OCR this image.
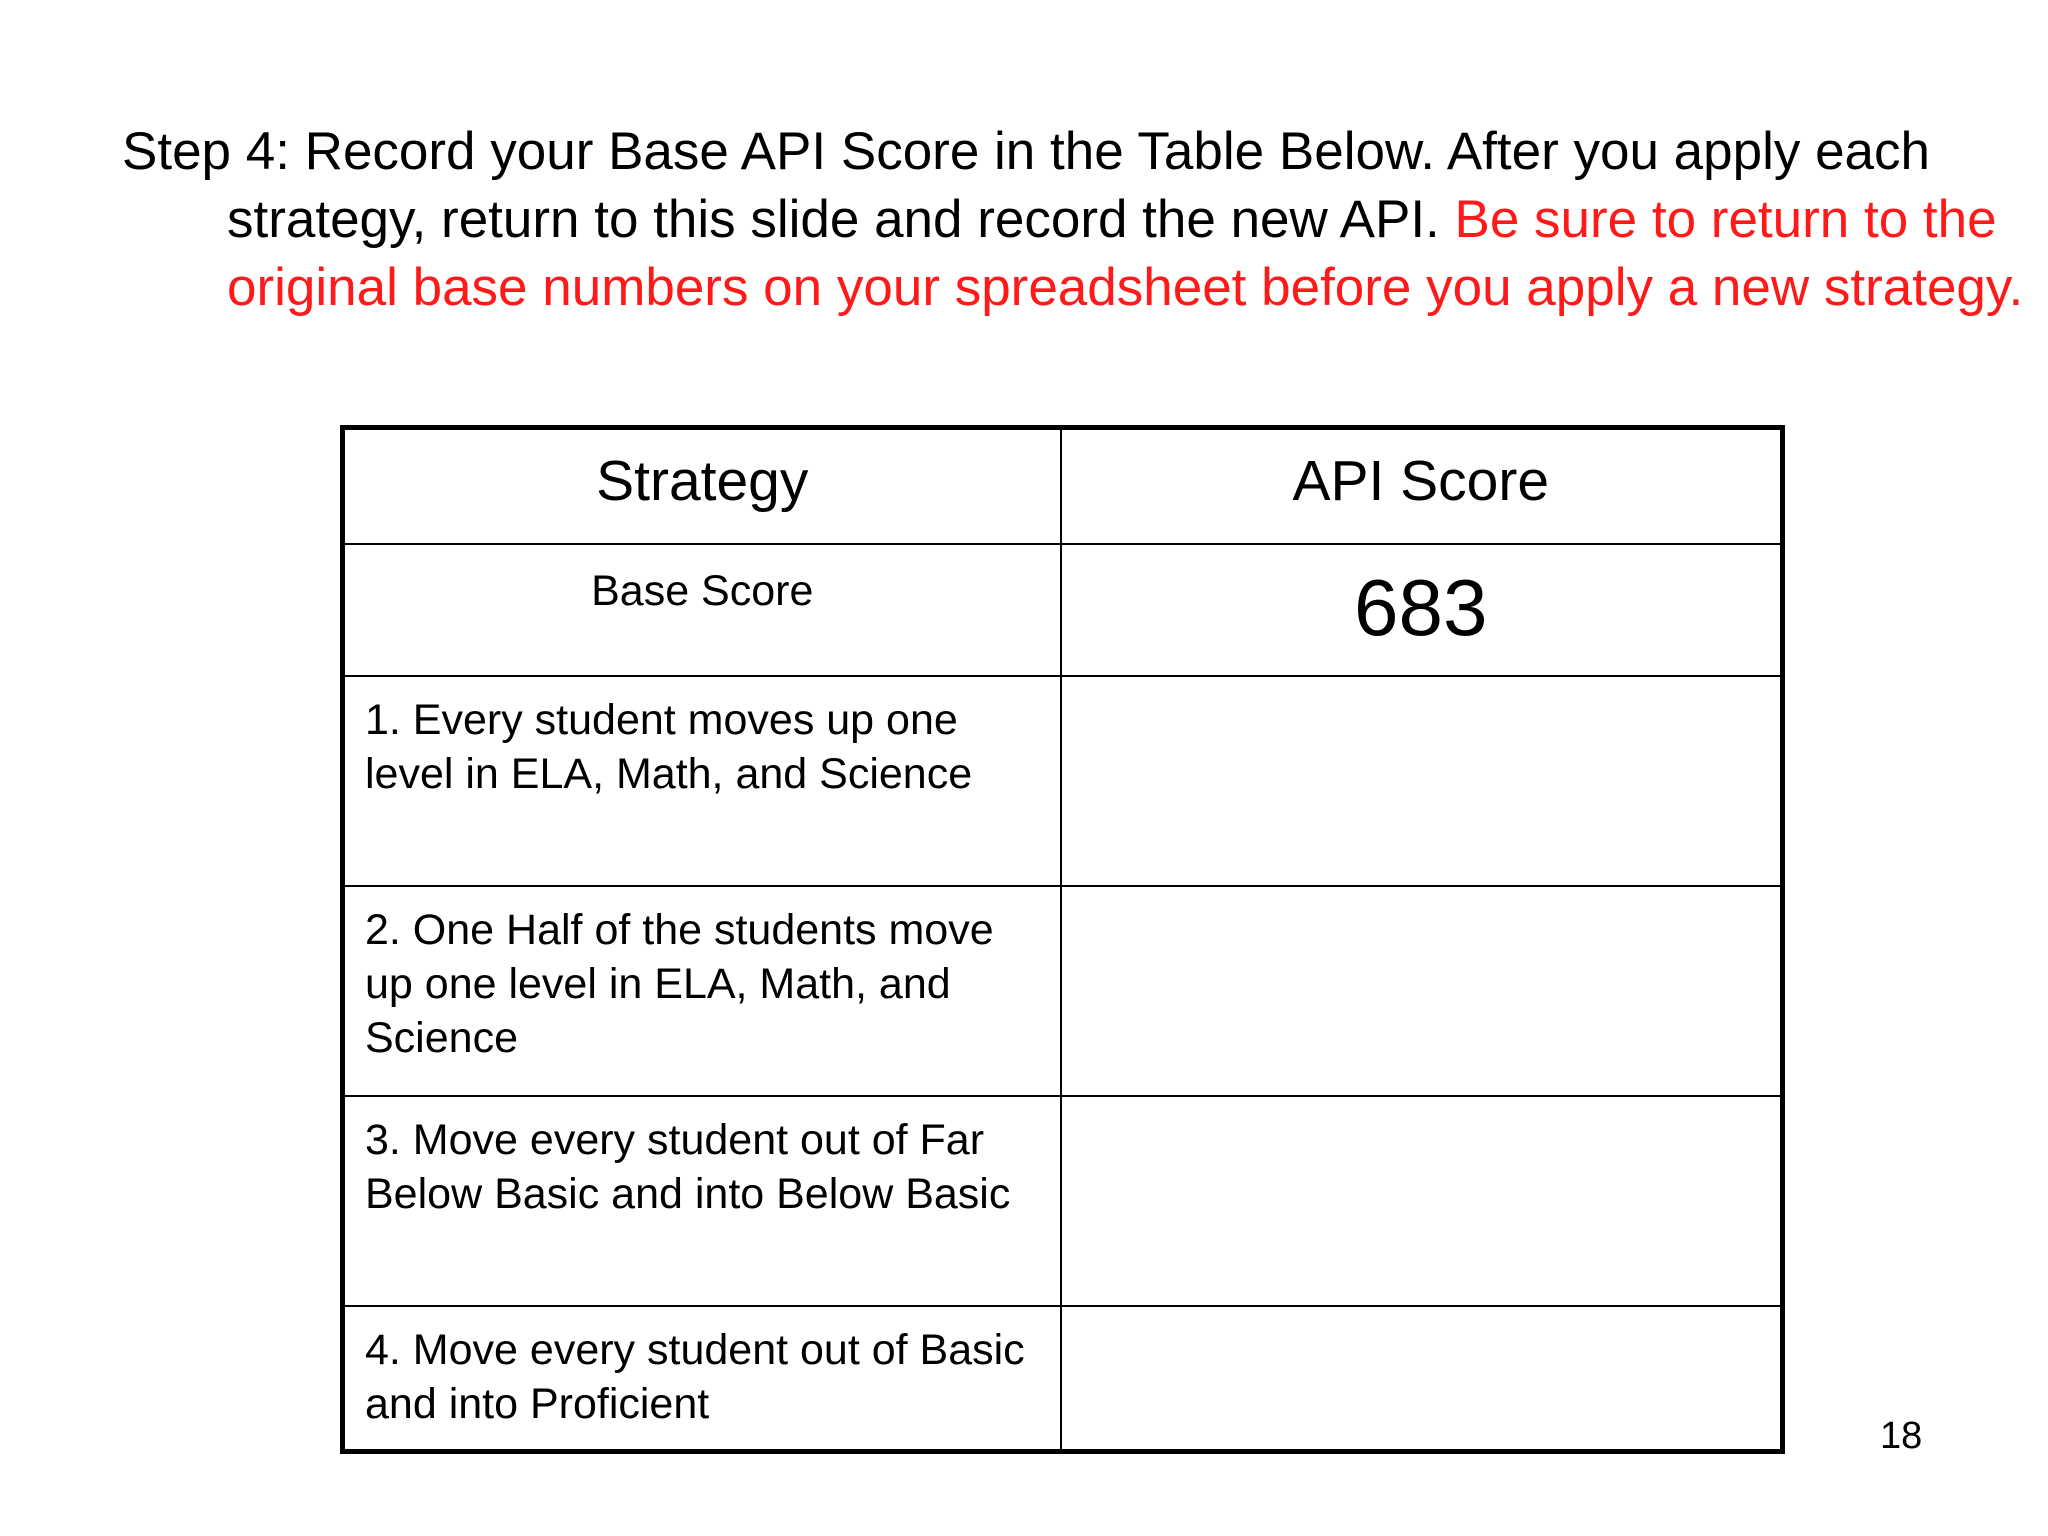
Step 4: Record your Base API Score in the Table Below. After you apply each strategy, return to this slide and record the new API. Be sure to return to the original base numbers on your spreadsheet before you apply a new strategy.

Strategy	API Score
Base Score	683
1. Every student moves up one level in ELA, Math, and Science	
2. One Half of the students move up one level in ELA, Math, and Science	
3. Move every student out of Far Below Basic and into Below Basic	
4. Move every student out of Basic and into Proficient	
18
